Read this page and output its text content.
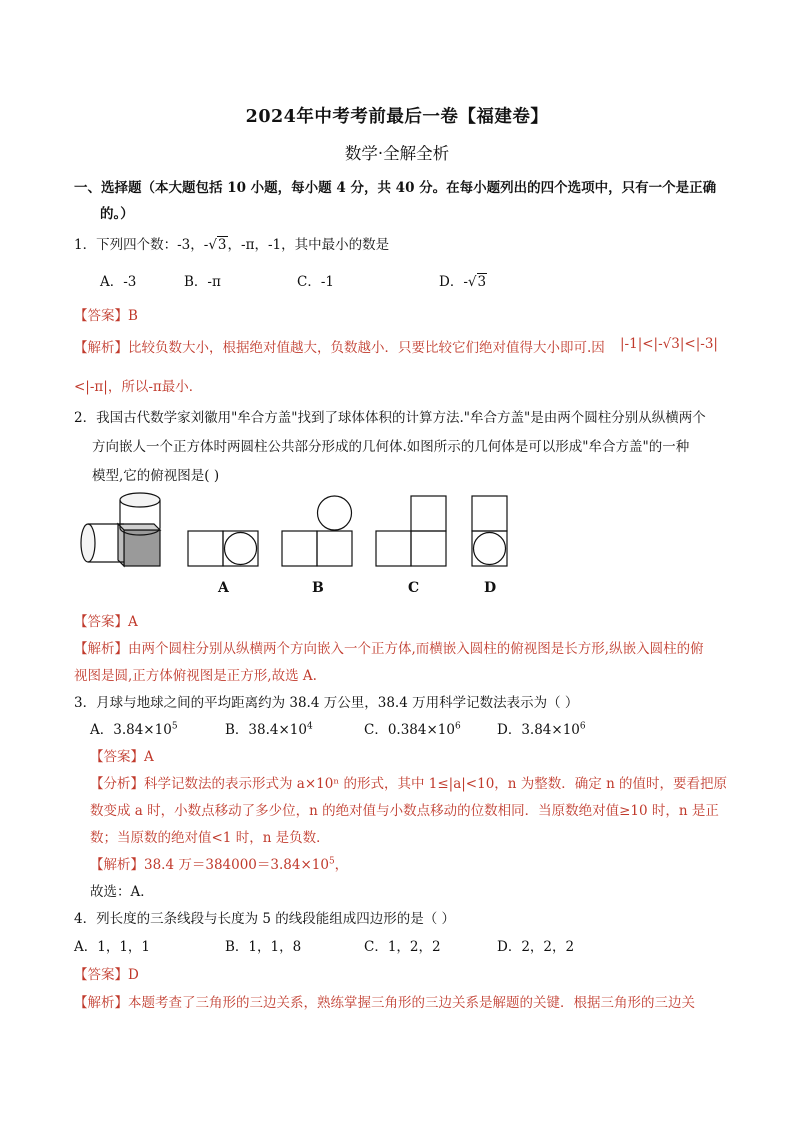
2024年中考考前最后一卷【福建卷】
数学·全解全析
一、选择题（本大题包括 10 小题，每小题 4 分，共 40 分。在每小题列出的四个选项中，只有一个是正确
的。）
1．下列四个数：-3，-√3，-π，-1，其中最小的数是
A．-3	B．-π	C．-1	D．-√3
【答案】B
【解析】比较负数大小，根据绝对值越大，负数越小．只要比较它们绝对值得大小即可.因 |-1|<|-√3|<|-3|
<|-π|，所以-π最小．
2．我国古代数学家刘徽用"牟合方盖"找到了球体体积的计算方法."牟合方盖"是由两个圆柱分别从纵横两个
方向嵌人一个正方体时两圆柱公共部分形成的几何体.如图所示的几何体是可以形成"牟合方盖"的一种
模型,它的俯视图是( )
A	B	C	D
【答案】A
【解析】由两个圆柱分别从纵横两个方向嵌入一个正方体,而横嵌入圆柱的俯视图是长方形,纵嵌入圆柱的俯
视图是圆,正方体俯视图是正方形,故选 A.
3．月球与地球之间的平均距离约为 38.4 万公里，38.4 万用科学记数法表示为（ ）
A．$3.84\times 10^5$	B．$38.4\times 10^4$	C．$0.384\times 10^6$	D．$3.84\times 10^6$
【答案】A
【分析】科学记数法的表示形式为 a×10ⁿ 的形式，其中 1≤|a|<10，n 为整数．确定 n 的值时，要看把原
数变成 a 时，小数点移动了多少位，n 的绝对值与小数点移动的位数相同．当原数绝对值≥10 时，n 是正
数；当原数的绝对值<1 时，n 是负数．
【解析】38.4 万$=384000=3.84\times 10^5$，
故选：A．
4．列长度的三条线段与长度为 5 的线段能组成四边形的是（ ）
A．1，1，1	B．1，1，8	C．1，2，2	D．2，2，2
【答案】D
【解析】本题考查了三角形的三边关系，熟练掌握三角形的三边关系是解题的关键．根据三角形的三边关
